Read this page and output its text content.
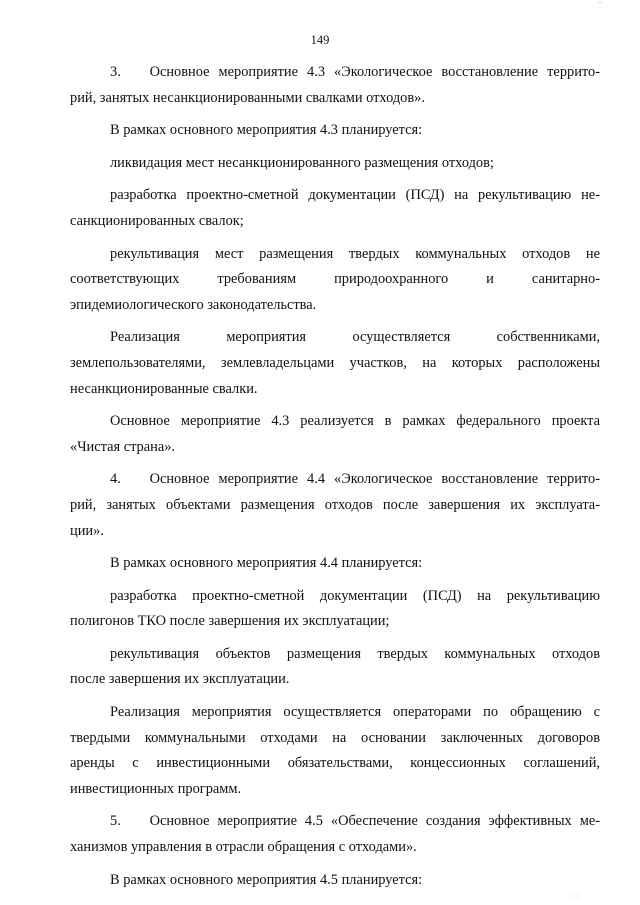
149
3.  Основное мероприятие 4.3 «Экологическое восстановление террито-
рий, занятых несанкционированными свалками отходов».
В рамках основного мероприятия 4.3 планируется:
ликвидация мест несанкционированного размещения отходов;
разработка проектно-сметной документации (ПСД) на рекультивацию не-
санкционированных свалок;
рекультивация мест размещения твердых коммунальных отходов не
соответствующих требованиям природоохранного и санитарно-
эпидемиологического законодательства.
Реализация мероприятия осуществляется собственниками,
землепользователями, землевладельцами участков, на которых расположены
несанкционированные свалки.
Основное мероприятие 4.3 реализуется в рамках федерального проекта
«Чистая страна».
4.  Основное мероприятие 4.4 «Экологическое восстановление террито-
рий, занятых объектами размещения отходов после завершения их эксплуата-
ции».
В рамках основного мероприятия 4.4 планируется:
разработка проектно-сметной документации (ПСД) на рекультивацию
полигонов ТКО после завершения их эксплуатации;
рекультивация объектов размещения твердых коммунальных отходов
после завершения их эксплуатации.
Реализация мероприятия осуществляется операторами по обращению с
твердыми коммунальными отходами на основании заключенных договоров
аренды с инвестиционными обязательствами, концессионных соглашений,
инвестиционных программ.
5.  Основное мероприятие 4.5 «Обеспечение создания эффективных ме-
ханизмов управления в отрасли обращения с отходами».
В рамках основного мероприятия 4.5 планируется:
⁻
· ·
